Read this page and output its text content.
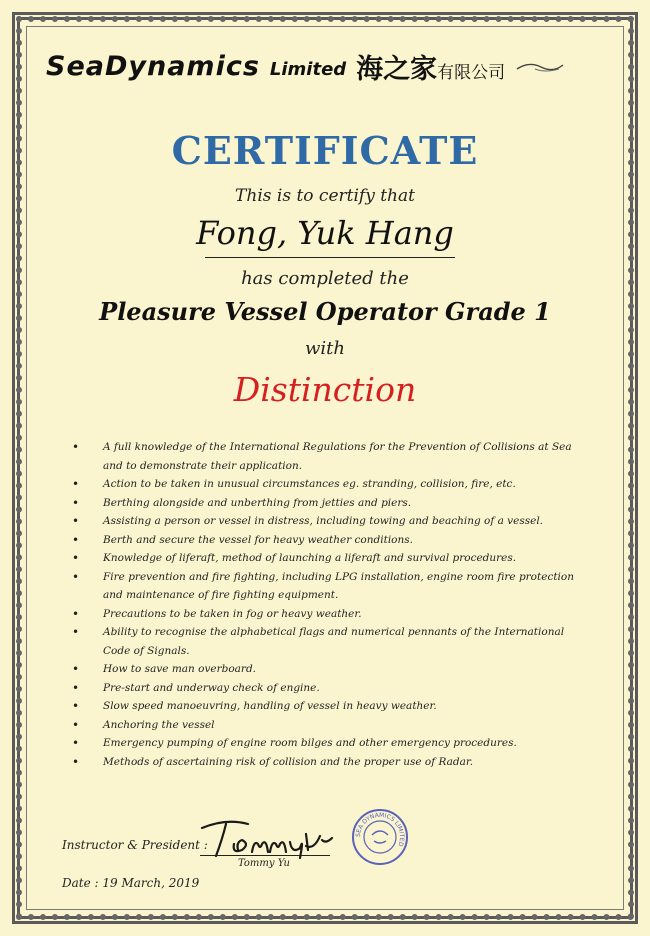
SeaDynamics Limited 海之家 有限公司
CERTIFICATE
This is to certify that
Fong, Yuk Hang
has completed the
Pleasure Vessel Operator Grade 1
with
Distinction
• A full knowledge of the International Regulations for the Prevention of Collisions at Sea and to demonstrate their application.
• Action to be taken in unusual circumstances eg. stranding, collision, fire, etc.
• Berthing alongside and unberthing from jetties and piers.
• Assisting a person or vessel in distress, including towing and beaching of a vessel.
• Berth and secure the vessel for heavy weather conditions.
• Knowledge of liferaft, method of launching a liferaft and survival procedures.
• Fire prevention and fire fighting, including LPG installation, engine room fire protection and maintenance of fire fighting equipment.
• Precautions to be taken in fog or heavy weather.
• Ability to recognise the alphabetical flags and numerical pennants of the International Code of Signals.
• How to save man overboard.
• Pre-start and underway check of engine.
• Slow speed manoeuvring, handling of vessel in heavy weather.
• Anchoring the vessel
• Emergency pumping of engine room bilges and other emergency procedures.
• Methods of ascertaining risk of collision and the proper use of Radar.
Instructor & President :
Tommy Yu
Date : 19 March, 2019
SEA DYNAMICS LIMITED
